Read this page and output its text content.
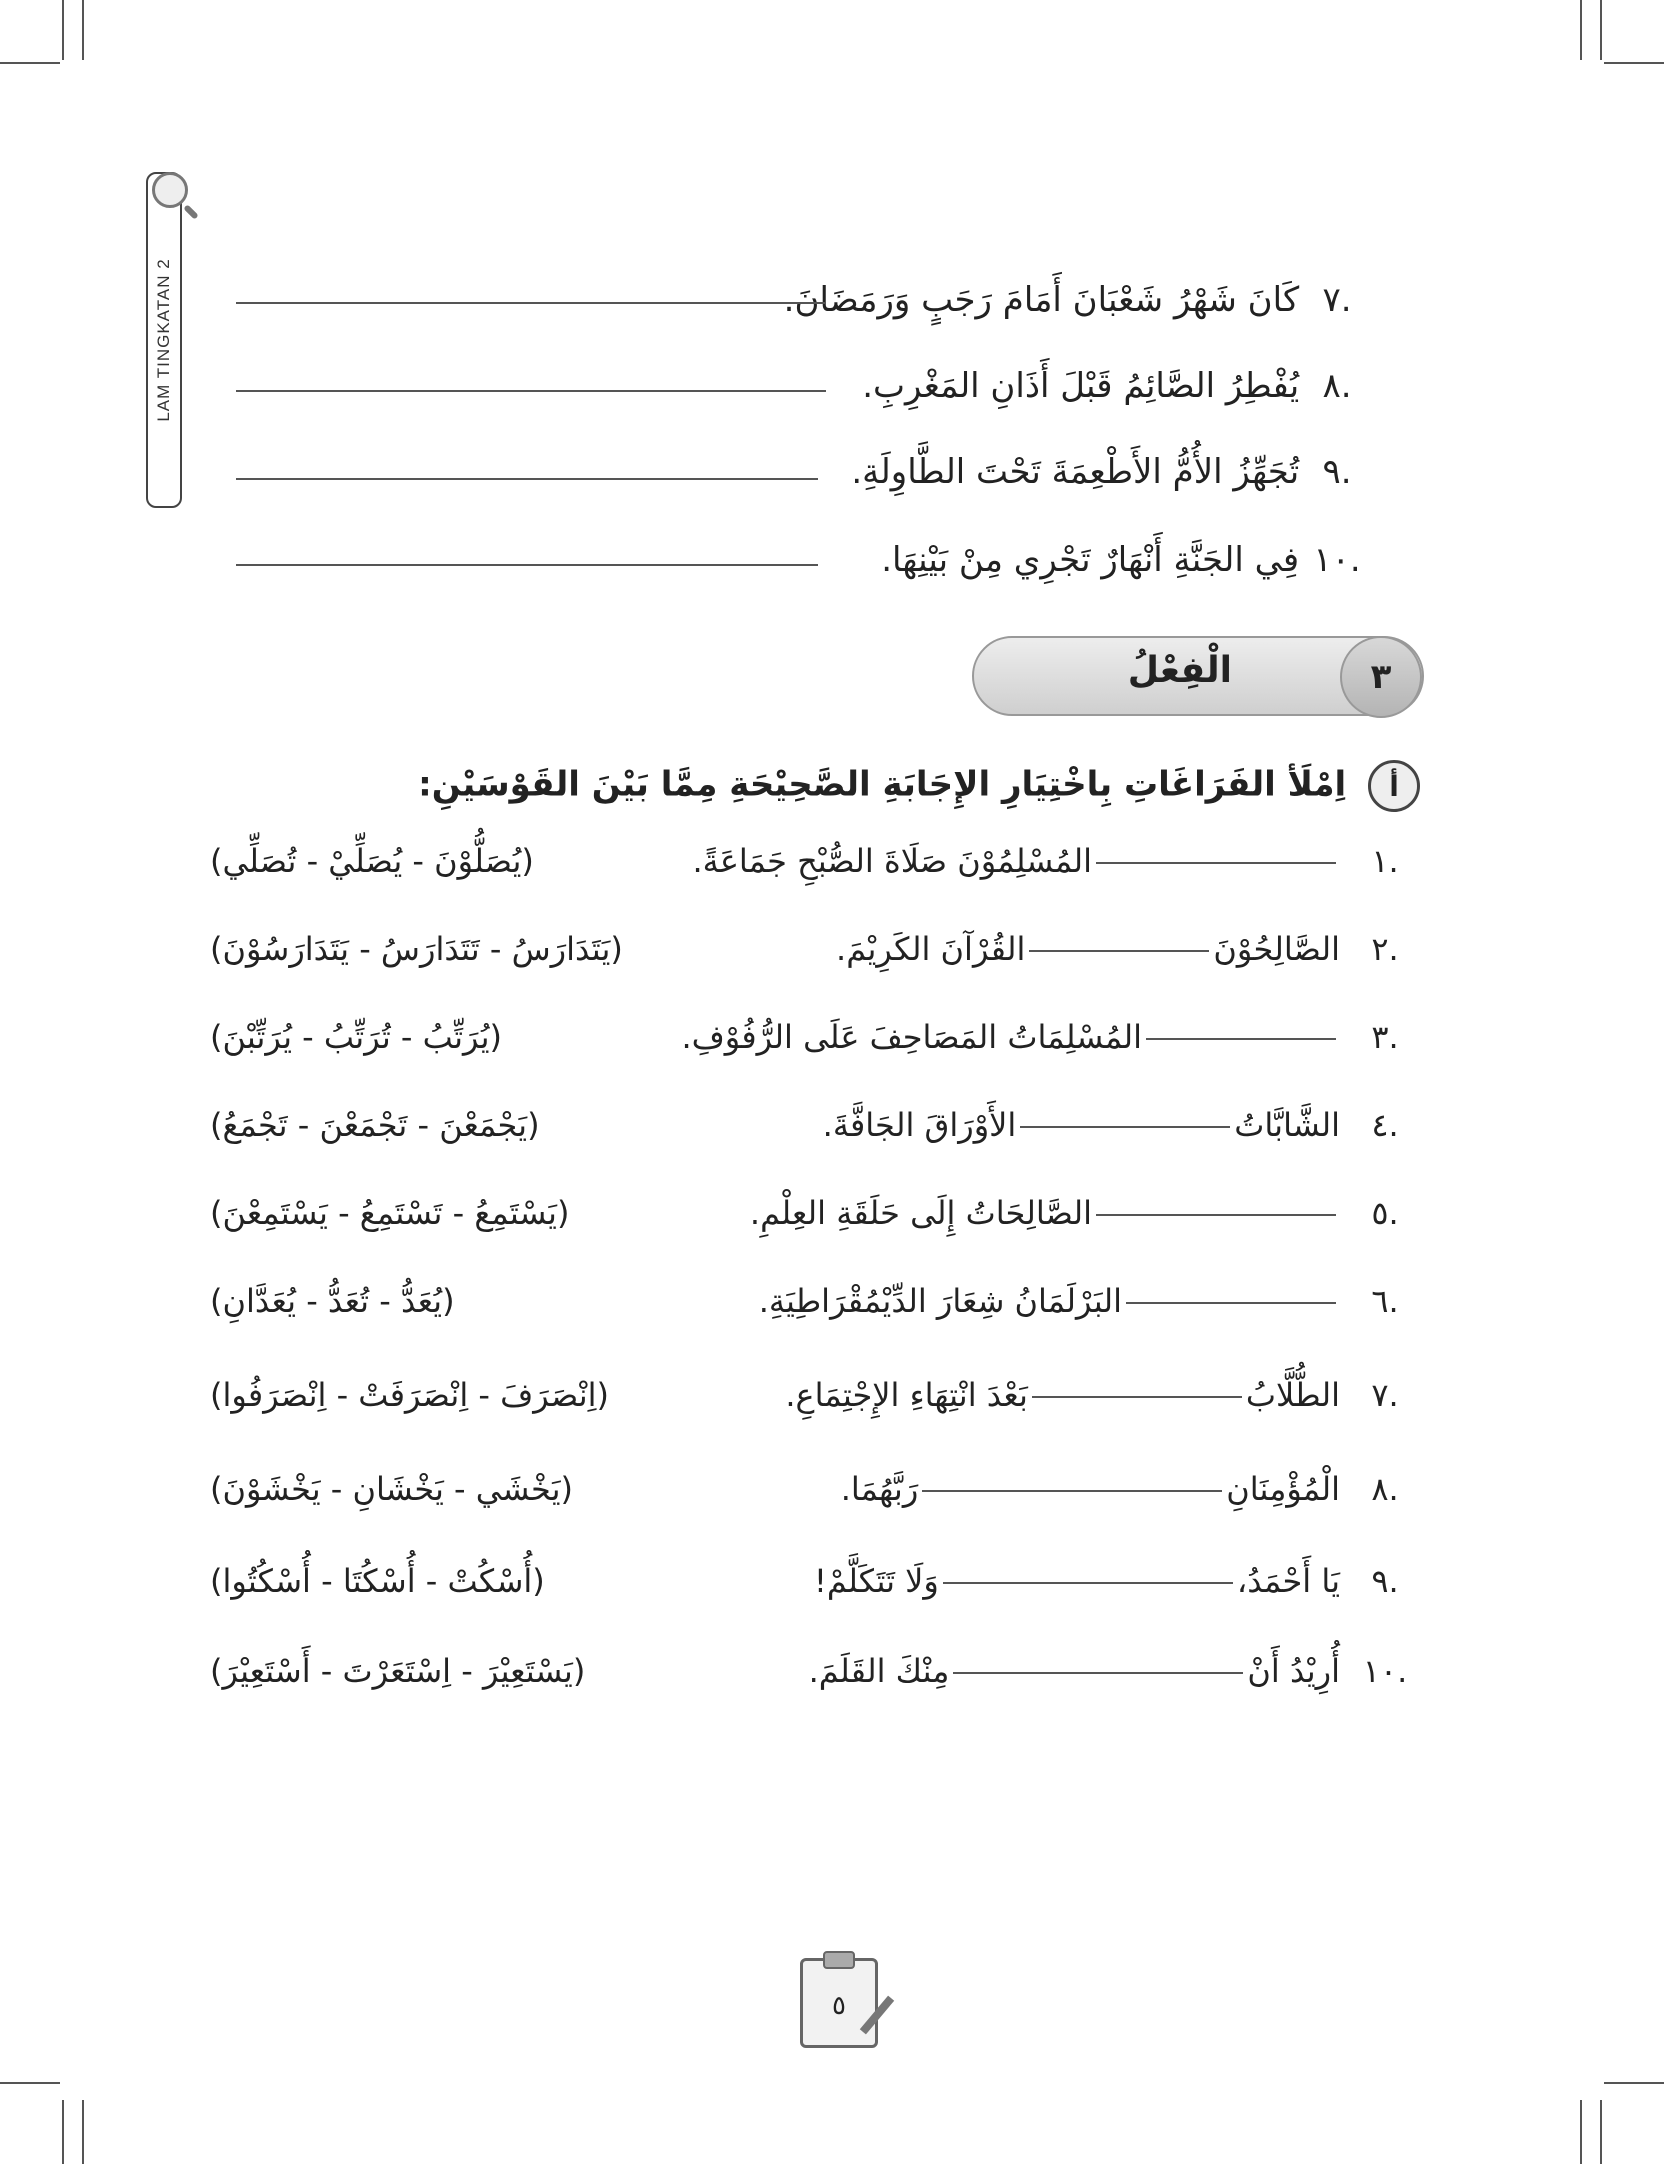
LAM TINGKATAN 2	.٧ كَانَ شَهْرُ شَعْبَانَ أَمَامَ رَجَبٍ وَرَمَضَانَ.
.٨ يُفْطِرُ الصَّائِمُ قَبْلَ أَذَانِ المَغْرِبِ.
.٩ تُجَهِّزُ الأُمُّ الأَطْعِمَةَ تَحْتَ الطَّاوِلَةِ.
.١٠ فِي الجَنَّةِ أَنْهَارٌ تَجْرِي مِنْ بَيْنِهَا.
الْفِعْلُ	٣
أ اِمْلَأ الفَرَاغَاتِ بِاخْتِيَارِ الإِجَابَةِ الصَّحِيْحَةِ مِمَّا بَيْنَ القَوْسَيْنِ:
.١
المُسْلِمُوْنَ صَلَاةَ الصُّبْحِ جَمَاعَةً.
(يُصَلُّوْنَ - يُصَلِّيْ - تُصَلِّي)
.٢
الصَّالِحُوْنَالقُرْآنَ الكَرِيْمَ.
(يَتَدَارَسُ - تَتَدَارَسُ - يَتَدَارَسُوْنَ)
.٣
المُسْلِمَاتُ المَصَاحِفَ عَلَى الرُّفُوْفِ.
(يُرَتِّبُ - تُرَتِّبُ - يُرَتِّبْنَ)
.٤
الشَّابَّاتُالأَوْرَاقَ الجَافَّةَ.
(يَجْمَعْنَ - تَجْمَعْنَ - تَجْمَعُ)
.٥
الصَّالِحَاتُ إِلَى حَلَقَةِ العِلْمِ.
(يَسْتَمِعُ - تَسْتَمِعُ - يَسْتَمِعْنَ)
.٦
البَرْلَمَانُ شِعَارَ الدِّيْمُقْرَاطِيَةِ.
(يُعَدُّ - تُعَدُّ - يُعَدَّانِ)
.٧
الطُّلَّابُبَعْدَ انْتِهَاءِ الإِجْتِمَاعِ.
(اِنْصَرَفَ - اِنْصَرَفَتْ - اِنْصَرَفُوا)
.٨
الْمُؤْمِنَانِرَبَّهُمَا.
(يَخْشَي - يَخْشَانِ - يَخْشَوْنَ)
.٩
يَا أَحْمَدُ،وَلَا تَتَكَلَّمْ!
(أُسْكُتْ - أُسْكُتَا - أُسْكُتُوا)
.١٠
أُرِيْدُ أَنْمِنْكَ القَلَمَ.
(يَسْتَعِيْرَ - اِسْتَعَرْتَ - أَسْتَعِيْرَ)
٥
